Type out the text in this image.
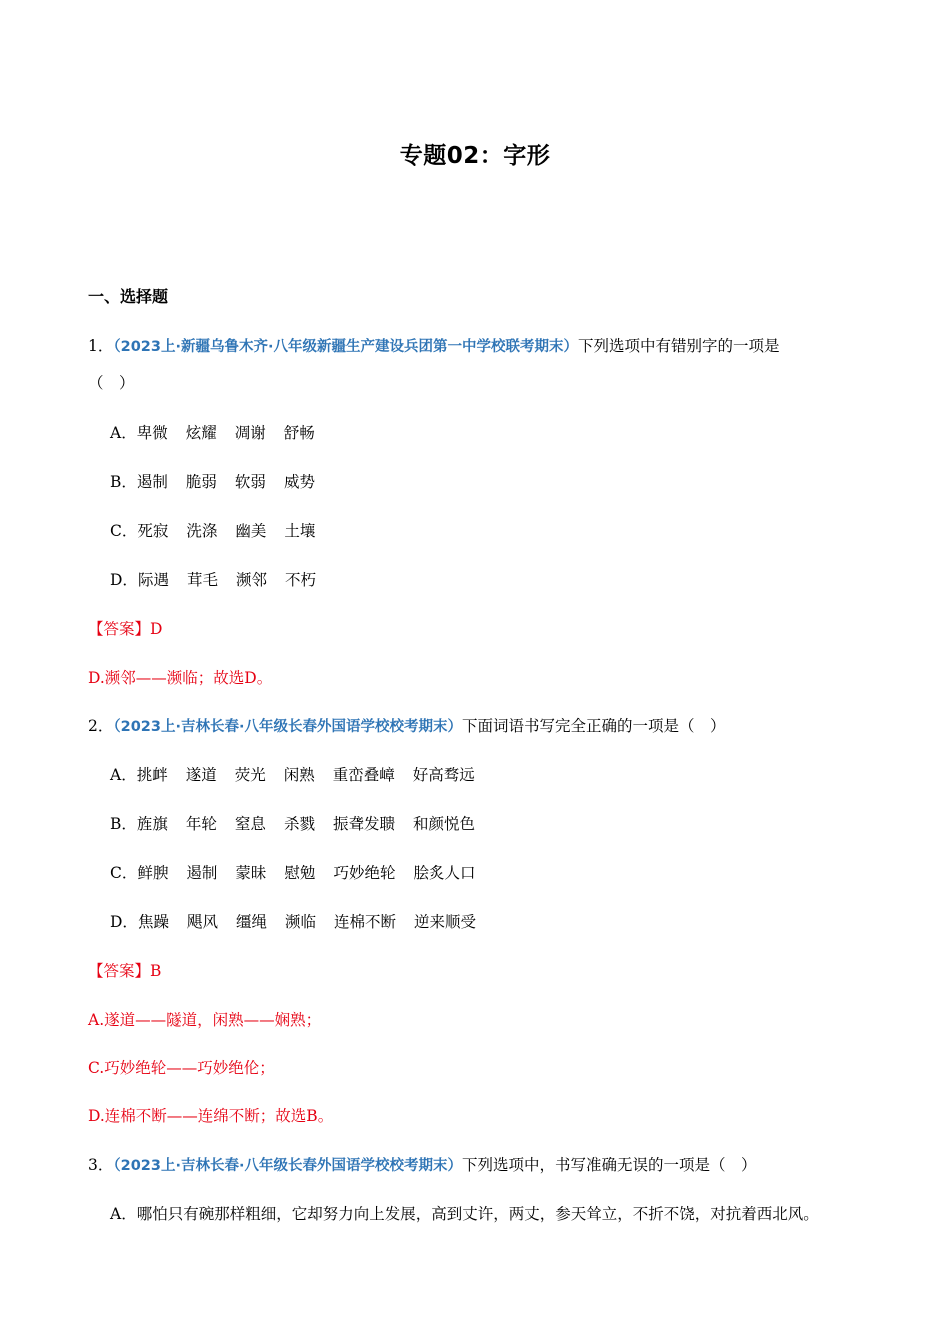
专题02：字形
一、选择题
1．（2023上·新疆乌鲁木齐·八年级新疆生产建设兵团第一中学校联考期末）下列选项中有错别字的一项是
（　）
A．卑微 炫耀 凋谢 舒畅
B．遏制 脆弱 软弱 威势
C．死寂 洗涤 幽美 土壤
D．际遇 茸毛 濒邻 不朽
【答案】D
D.濒邻——濒临；故选D。
2．（2023上·吉林长春·八年级长春外国语学校校考期末）下面词语书写完全正确的一项是（　）
A．挑衅 遂道 荧光 闲熟 重峦叠嶂 好高骛远
B．旌旗 年轮 窒息 杀戮 振聋发聩 和颜悦色
C．鲜腴 遏制 蒙昧 慰勉 巧妙绝轮 脍炙人口
D．焦躁 飓风 缰绳 濒临 连棉不断 逆来顺受
【答案】B
A.遂道——隧道，闲熟——娴熟；
C.巧妙绝轮——巧妙绝伦；
D.连棉不断——连绵不断；故选B。
3．（2023上·吉林长春·八年级长春外国语学校校考期末）下列选项中，书写准确无误的一项是（　）
A．哪怕只有碗那样粗细，它却努力向上发展，高到丈许，两丈，参天耸立，不折不饶，对抗着西北风。
